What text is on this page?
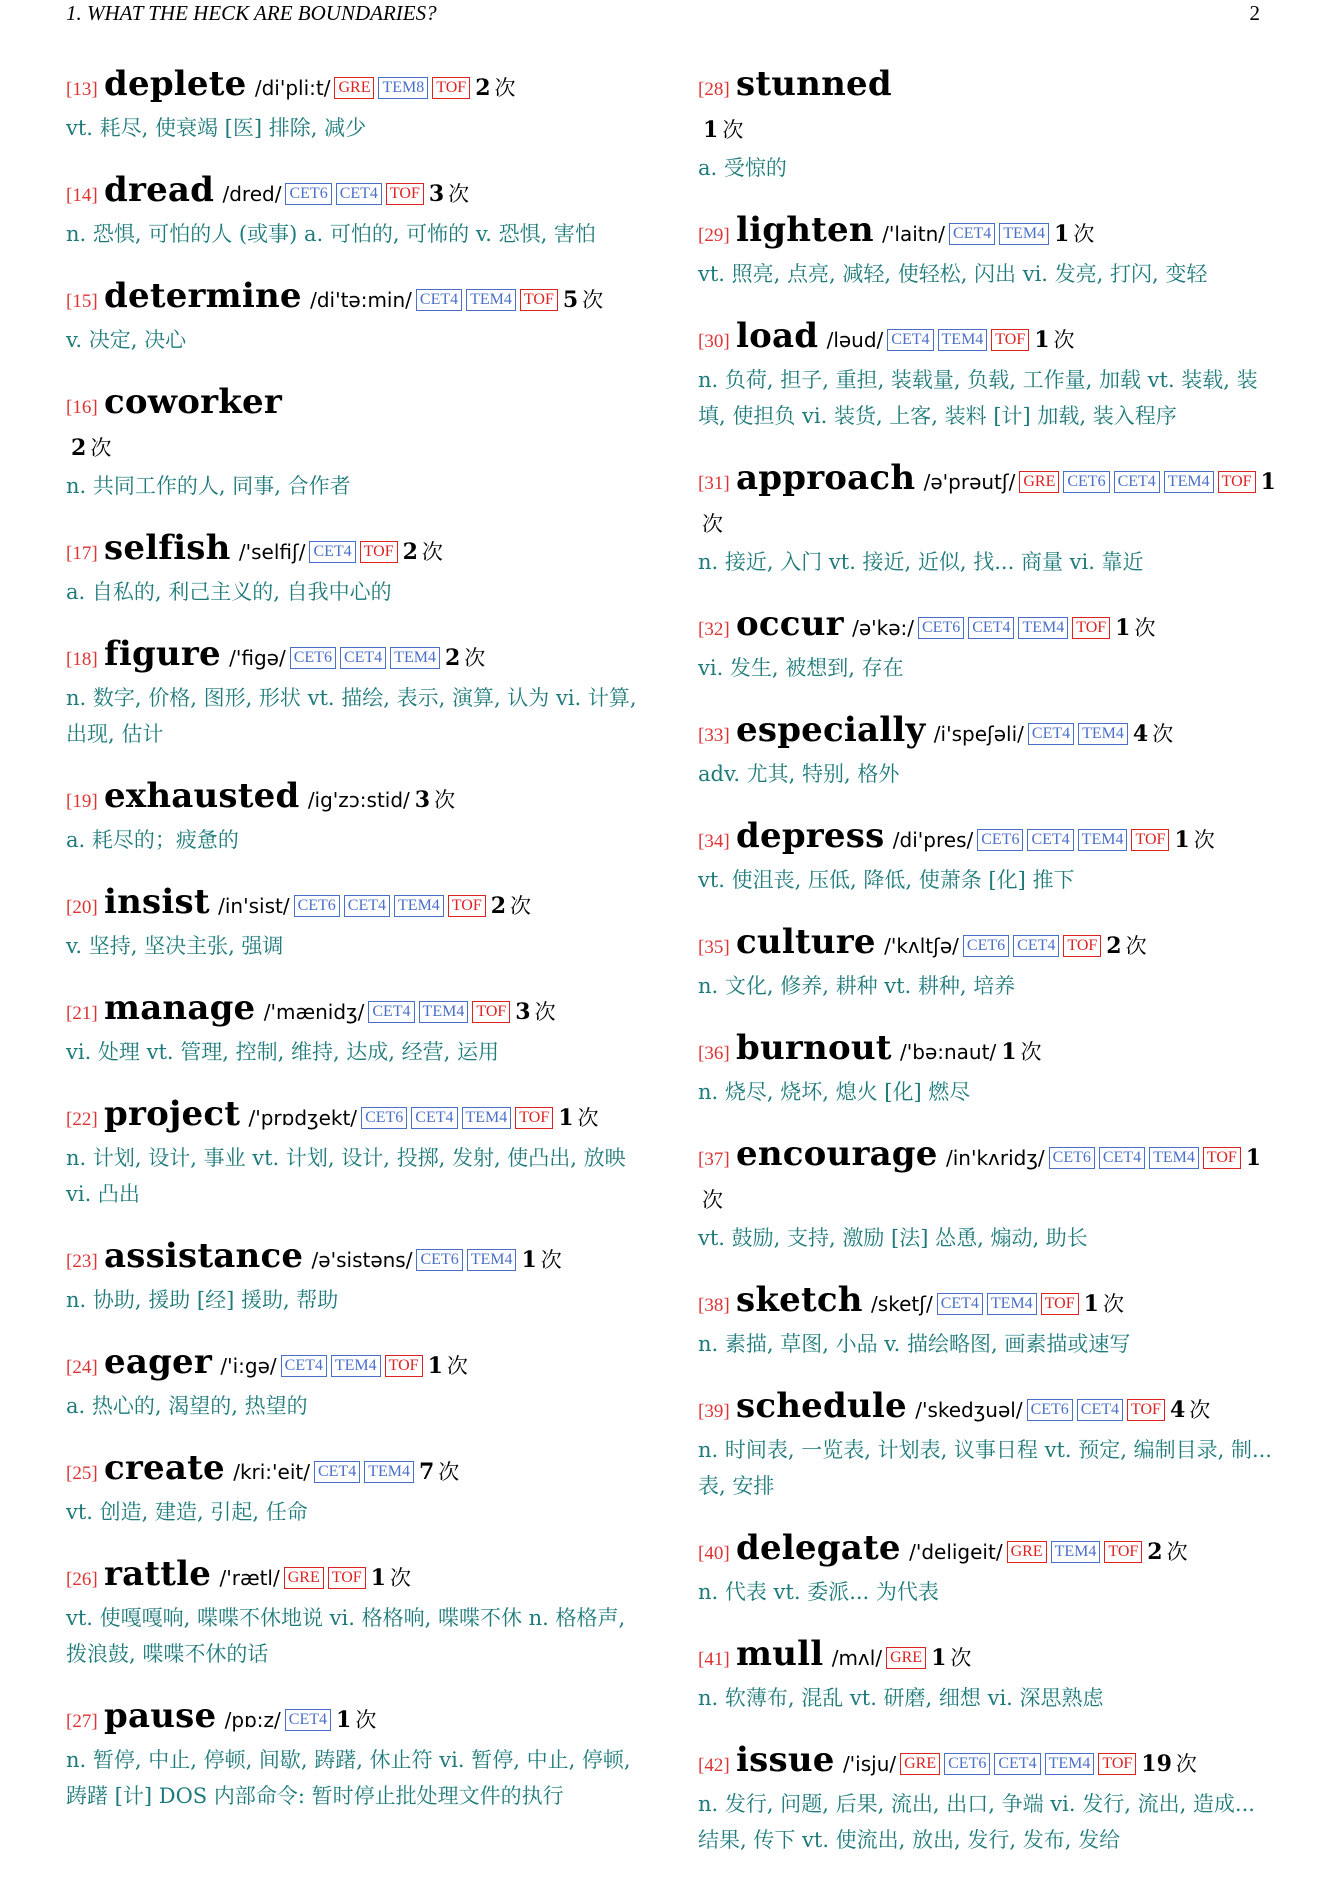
1. WHAT THE HECK ARE BOUNDARIES?	2
[13] deplete /di'pli:t/ GRE TEM8 TOF 2 次
vt. 耗尽, 使衰竭 [医] 排除, 减少
[14] dread /dred/ CET6 CET4 TOF 3 次
n. 恐惧, 可怕的人 (或事) a. 可怕的, 可怖的 v. 恐惧, 害怕
[15] determine /di'tə:min/ CET4 TEM4 TOF 5 次
v. 决定, 决心
[16] coworker
2 次
n. 共同工作的人, 同事, 合作者
[17] selfish /'selfiʃ/ CET4 TOF 2 次
a. 自私的, 利己主义的, 自我中心的
[18] figure /'figə/ CET6 CET4 TEM4 2 次
n. 数字, 价格, 图形, 形状 vt. 描绘, 表示, 演算, 认为 vi. 计算, 出现, 估计
[19] exhausted /ig'zɔ:stid/ 3 次
a. 耗尽的；疲惫的
[20] insist /in'sist/ CET6 CET4 TEM4 TOF 2 次
v. 坚持, 坚决主张, 强调
[21] manage /'mænidʒ/ CET4 TEM4 TOF 3 次
vi. 处理 vt. 管理, 控制, 维持, 达成, 经营, 运用
[22] project /'prɒdʒekt/ CET6 CET4 TEM4 TOF 1 次
n. 计划, 设计, 事业 vt. 计划, 设计, 投掷, 发射, 使凸出, 放映 vi. 凸出
[23] assistance /ə'sistəns/ CET6 TEM4 1 次
n. 协助, 援助 [经] 援助, 帮助
[24] eager /'i:gə/ CET4 TEM4 TOF 1 次
a. 热心的, 渴望的, 热望的
[25] create /kri:'eit/ CET4 TEM4 7 次
vt. 创造, 建造, 引起, 任命
[26] rattle /'rætl/ GRE TOF 1 次
vt. 使嘎嘎响, 喋喋不休地说 vi. 格格响, 喋喋不休 n. 格格声, 拨浪鼓, 喋喋不休的话
[27] pause /pɒ:z/ CET4 1 次
n. 暂停, 中止, 停顿, 间歇, 踌躇, 休止符 vi. 暂停, 中止, 停顿, 踌躇 [计] DOS 内部命令: 暂时停止批处理文件的执行
[28] stunned
1 次
a. 受惊的
[29] lighten /'laitn/ CET4 TEM4 1 次
vt. 照亮, 点亮, 减轻, 使轻松, 闪出 vi. 发亮, 打闪, 变轻
[30] load /ləud/ CET4 TEM4 TOF 1 次
n. 负荷, 担子, 重担, 装载量, 负载, 工作量, 加载 vt. 装载, 装填, 使担负 vi. 装货, 上客, 装料 [计] 加载, 装入程序
[31] approach /ə'prəutʃ/ GRE CET6 CET4 TEM4 TOF 1次
n. 接近, 入门 vt. 接近, 近似, 找... 商量 vi. 靠近
[32] occur /ə'kə:/ CET6 CET4 TEM4 TOF 1 次
vi. 发生, 被想到, 存在
[33] especially /i'speʃəli/ CET4 TEM4 4 次
adv. 尤其, 特别, 格外
[34] depress /di'pres/ CET6 CET4 TEM4 TOF 1 次
vt. 使沮丧, 压低, 降低, 使萧条 [化] 推下
[35] culture /'kʌltʃə/ CET6 CET4 TOF 2 次
n. 文化, 修养, 耕种 vt. 耕种, 培养
[36] burnout /'bə:naut/ 1 次
n. 烧尽, 烧坏, 熄火 [化] 燃尽
[37] encourage /in'kʌridʒ/ CET6 CET4 TEM4 TOF 1次
vt. 鼓励, 支持, 激励 [法] 怂恿, 煽动, 助长
[38] sketch /sketʃ/ CET4 TEM4 TOF 1 次
n. 素描, 草图, 小品 v. 描绘略图, 画素描或速写
[39] schedule /'skedʒuəl/ CET6 CET4 TOF 4 次
n. 时间表, 一览表, 计划表, 议事日程 vt. 预定, 编制目录, 制... 表, 安排
[40] delegate /'deligeit/ GRE TEM4 TOF 2 次
n. 代表 vt. 委派... 为代表
[41] mull /mʌl/ GRE 1 次
n. 软薄布, 混乱 vt. 研磨, 细想 vi. 深思熟虑
[42] issue /'isju/ GRE CET6 CET4 TEM4 TOF 19 次
n. 发行, 问题, 后果, 流出, 出口, 争端 vi. 发行, 流出, 造成... 结果, 传下 vt. 使流出, 放出, 发行, 发布, 发给
